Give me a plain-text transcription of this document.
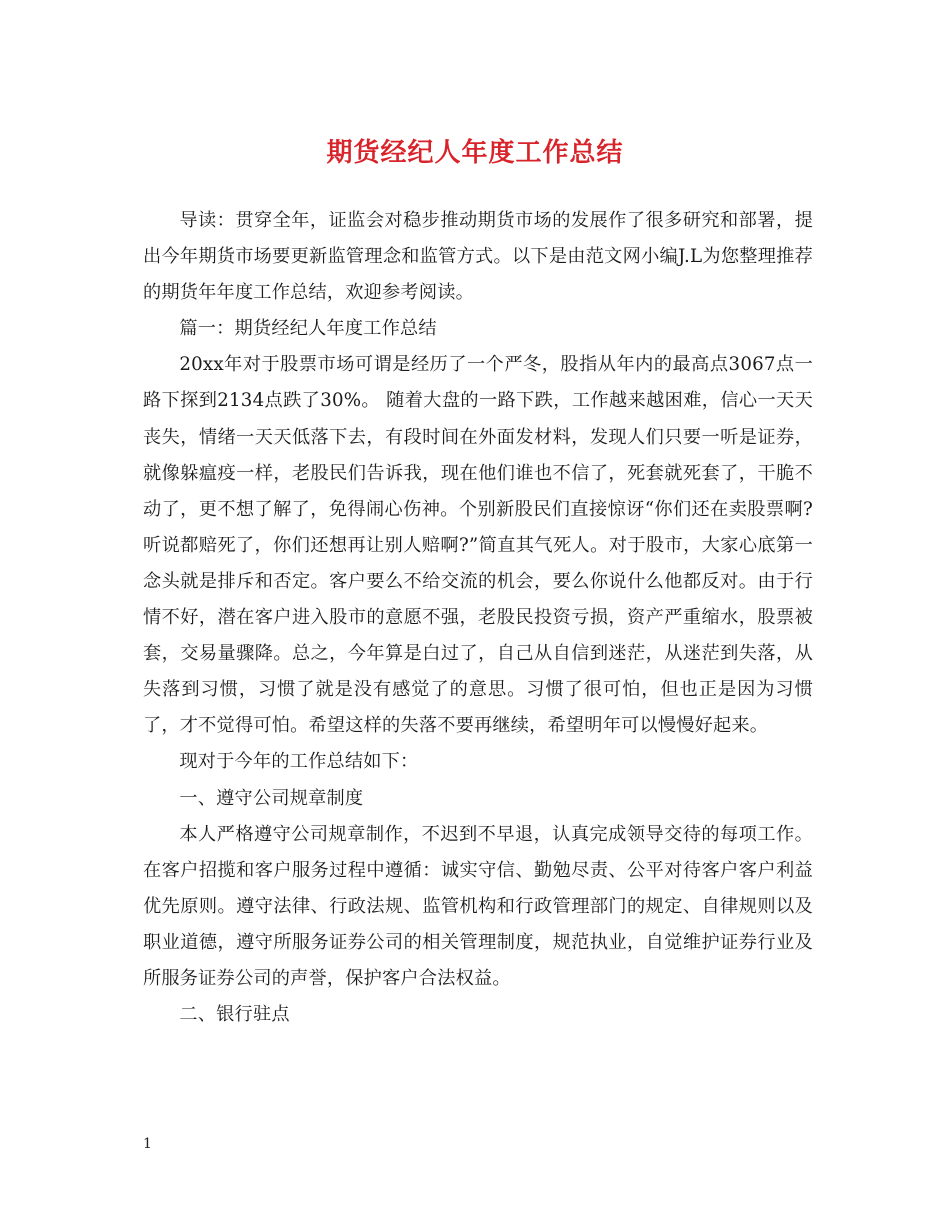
期货经纪人年度工作总结

导读：贯穿全年，证监会对稳步推动期货市场的发展作了很多研究和部署，提出今年期货市场要更新监管理念和监管方式。以下是由范文网小编J.L为您整理推荐的期货年年度工作总结，欢迎参考阅读。

篇一：期货经纪人年度工作总结

20xx年对于股票市场可谓是经历了一个严冬，股指从年内的最高点3067点一路下探到2134点跌了30%。 随着大盘的一路下跌，工作越来越困难，信心一天天丧失，情绪一天天低落下去，有段时间在外面发材料，发现人们只要一听是证券，就像躲瘟疫一样，老股民们告诉我，现在他们谁也不信了，死套就死套了，干脆不动了，更不想了解了，免得闹心伤神。个别新股民们直接惊讶“你们还在卖股票啊?听说都赔死了，你们还想再让别人赔啊?”简直其气死人。对于股市，大家心底第一念头就是排斥和否定。客户要么不给交流的机会，要么你说什么他都反对。由于行情不好，潜在客户进入股市的意愿不强，老股民投资亏损，资产严重缩水，股票被套，交易量骤降。总之，今年算是白过了，自己从自信到迷茫，从迷茫到失落，从失落到习惯，习惯了就是没有感觉了的意思。习惯了很可怕，但也正是因为习惯了，才不觉得可怕。希望这样的失落不要再继续，希望明年可以慢慢好起来。

现对于今年的工作总结如下：

一、遵守公司规章制度

本人严格遵守公司规章制作，不迟到不早退，认真完成领导交待的每项工作。在客户招揽和客户服务过程中遵循：诚实守信、勤勉尽责、公平对待客户客户利益优先原则。遵守法律、行政法规、监管机构和行政管理部门的规定、自律规则以及职业道德，遵守所服务证券公司的相关管理制度，规范执业，自觉维护证券行业及所服务证券公司的声誉，保护客户合法权益。

二、银行驻点

1
